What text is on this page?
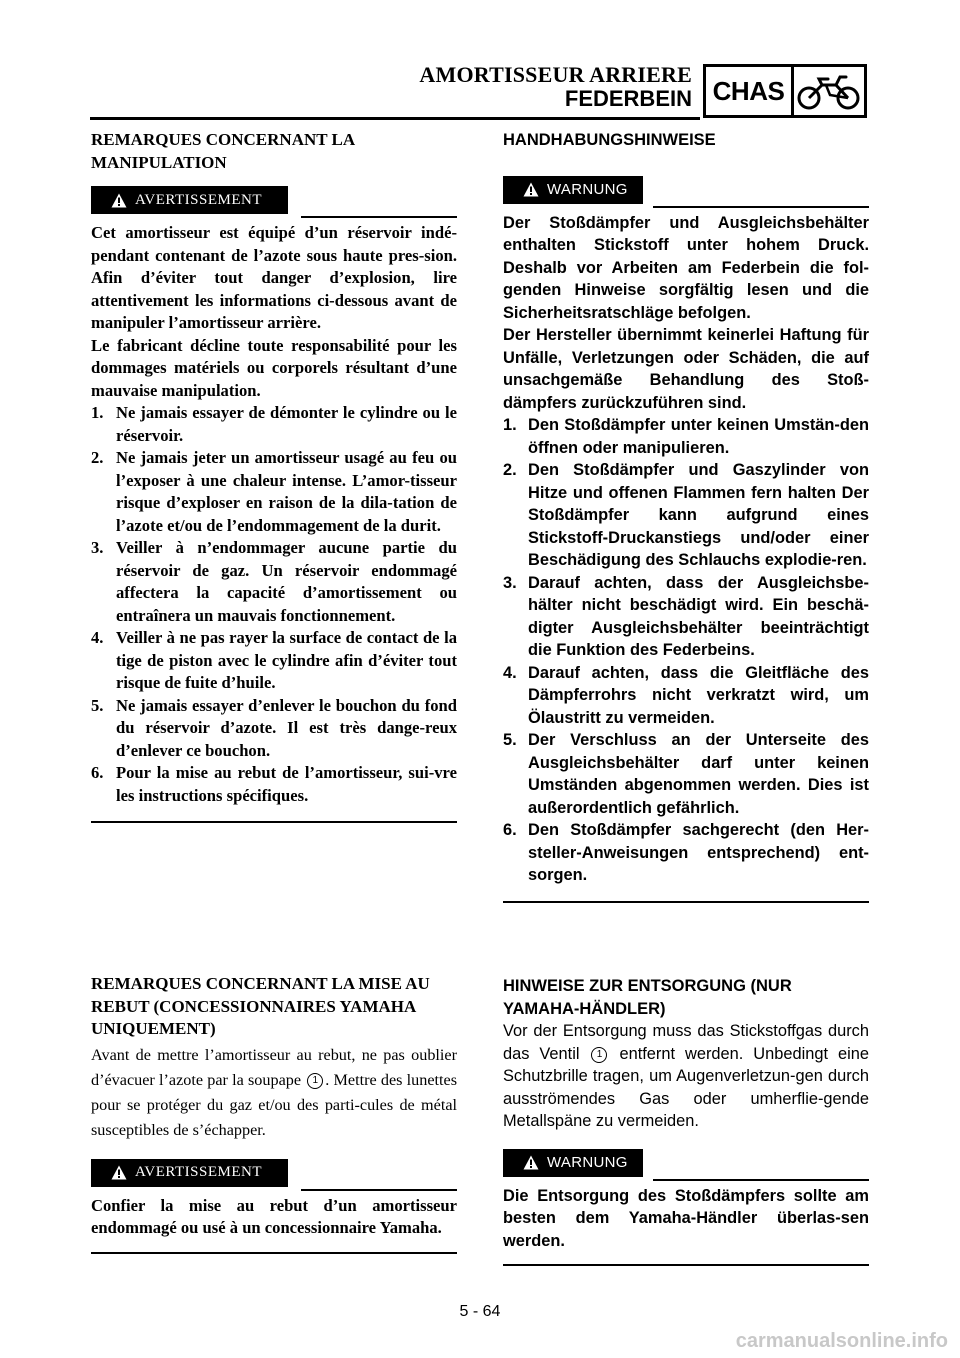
AMORTISSEUR ARRIERE
FEDERBEIN CHAS

REMARQUES CONCERNANT LA MANIPULATION

AVERTISSEMENT

Cet amortisseur est équipé d’un réservoir indé-pendant contenant de l’azote sous haute pres-sion. Afin d’éviter tout danger d’explosion, lire attentivement les informations ci-dessous avant de manipuler l’amortisseur arrière.

Le fabricant décline toute responsabilité pour les dommages matériels ou corporels résultant d’une mauvaise manipulation.

1. Ne jamais essayer de démonter le cylindre ou le réservoir.
2. Ne jamais jeter un amortisseur usagé au feu ou l’exposer à une chaleur intense. L’amor-tisseur risque d’exploser en raison de la dila-tation de l’azote et/ou de l’endommagement de la durit.
3. Veiller à n’endommager aucune partie du réservoir de gaz. Un réservoir endommagé affectera la capacité d’amortissement ou entraînera un mauvais fonctionnement.
4. Veiller à ne pas rayer la surface de contact de la tige de piston avec le cylindre afin d’éviter tout risque de fuite d’huile.
5. Ne jamais essayer d’enlever le bouchon du fond du réservoir d’azote. Il est très dange-reux d’enlever ce bouchon.
6. Pour la mise au rebut de l’amortisseur, sui-vre les instructions spécifiques.

HANDHABUNGSHINWEISE

WARNUNG

Der Stoßdämpfer und Ausgleichsbehälter enthalten Stickstoff unter hohem Druck. Deshalb vor Arbeiten am Federbein die fol-genden Hinweise sorgfältig lesen und die Sicherheitsratschläge befolgen.

Der Hersteller übernimmt keinerlei Haftung für Unfälle, Verletzungen oder Schäden, die auf unsachgemäße Behandlung des Stoß-dämpfers zurückzuführen sind.

1. Den Stoßdämpfer unter keinen Umstän-den öffnen oder manipulieren.
2. Den Stoßdämpfer und Gaszylinder von Hitze und offenen Flammen fern halten Der Stoßdämpfer kann aufgrund eines Stickstoff-Druckanstiegs und/oder einer Beschädigung des Schlauchs explodie-ren.
3. Darauf achten, dass der Ausgleichsbe-hälter nicht beschädigt wird. Ein beschä-digter Ausgleichsbehälter beeinträchtigt die Funktion des Federbeins.
4. Darauf achten, dass die Gleitfläche des Dämpferrohrs nicht verkratzt wird, um Ölaustritt zu vermeiden.
5. Der Verschluss an der Unterseite des Ausgleichsbehälter darf unter keinen Umständen abgenommen werden. Dies ist außerordentlich gefährlich.
6. Den Stoßdämpfer sachgerecht (den Her-steller-Anweisungen entsprechend) ent-sorgen.

REMARQUES CONCERNANT LA MISE AU REBUT (CONCESSIONNAIRES YAMAHA UNIQUEMENT)

Avant de mettre l’amortisseur au rebut, ne pas oublier d’évacuer l’azote par la soupape 1 . Mettre des lunettes pour se protéger du gaz et/ou des parti-cules de métal susceptibles de s’échapper.

AVERTISSEMENT

Confier la mise au rebut d’un amortisseur endommagé ou usé à un concessionnaire Yamaha.

HINWEISE ZUR ENTSORGUNG (NUR YAMAHA-HÄNDLER)

Vor der Entsorgung muss das Stickstoffgas durch das Ventil 1 entfernt werden. Unbedingt eine Schutzbrille tragen, um Augenverletzun-gen durch ausströmendes Gas oder umherflie-gende Metallspäne zu vermeiden.

WARNUNG

Die Entsorgung des Stoßdämpfers sollte am besten dem Yamaha-Händler überlas-sen werden.

5 - 64
carmanualsonline.info
